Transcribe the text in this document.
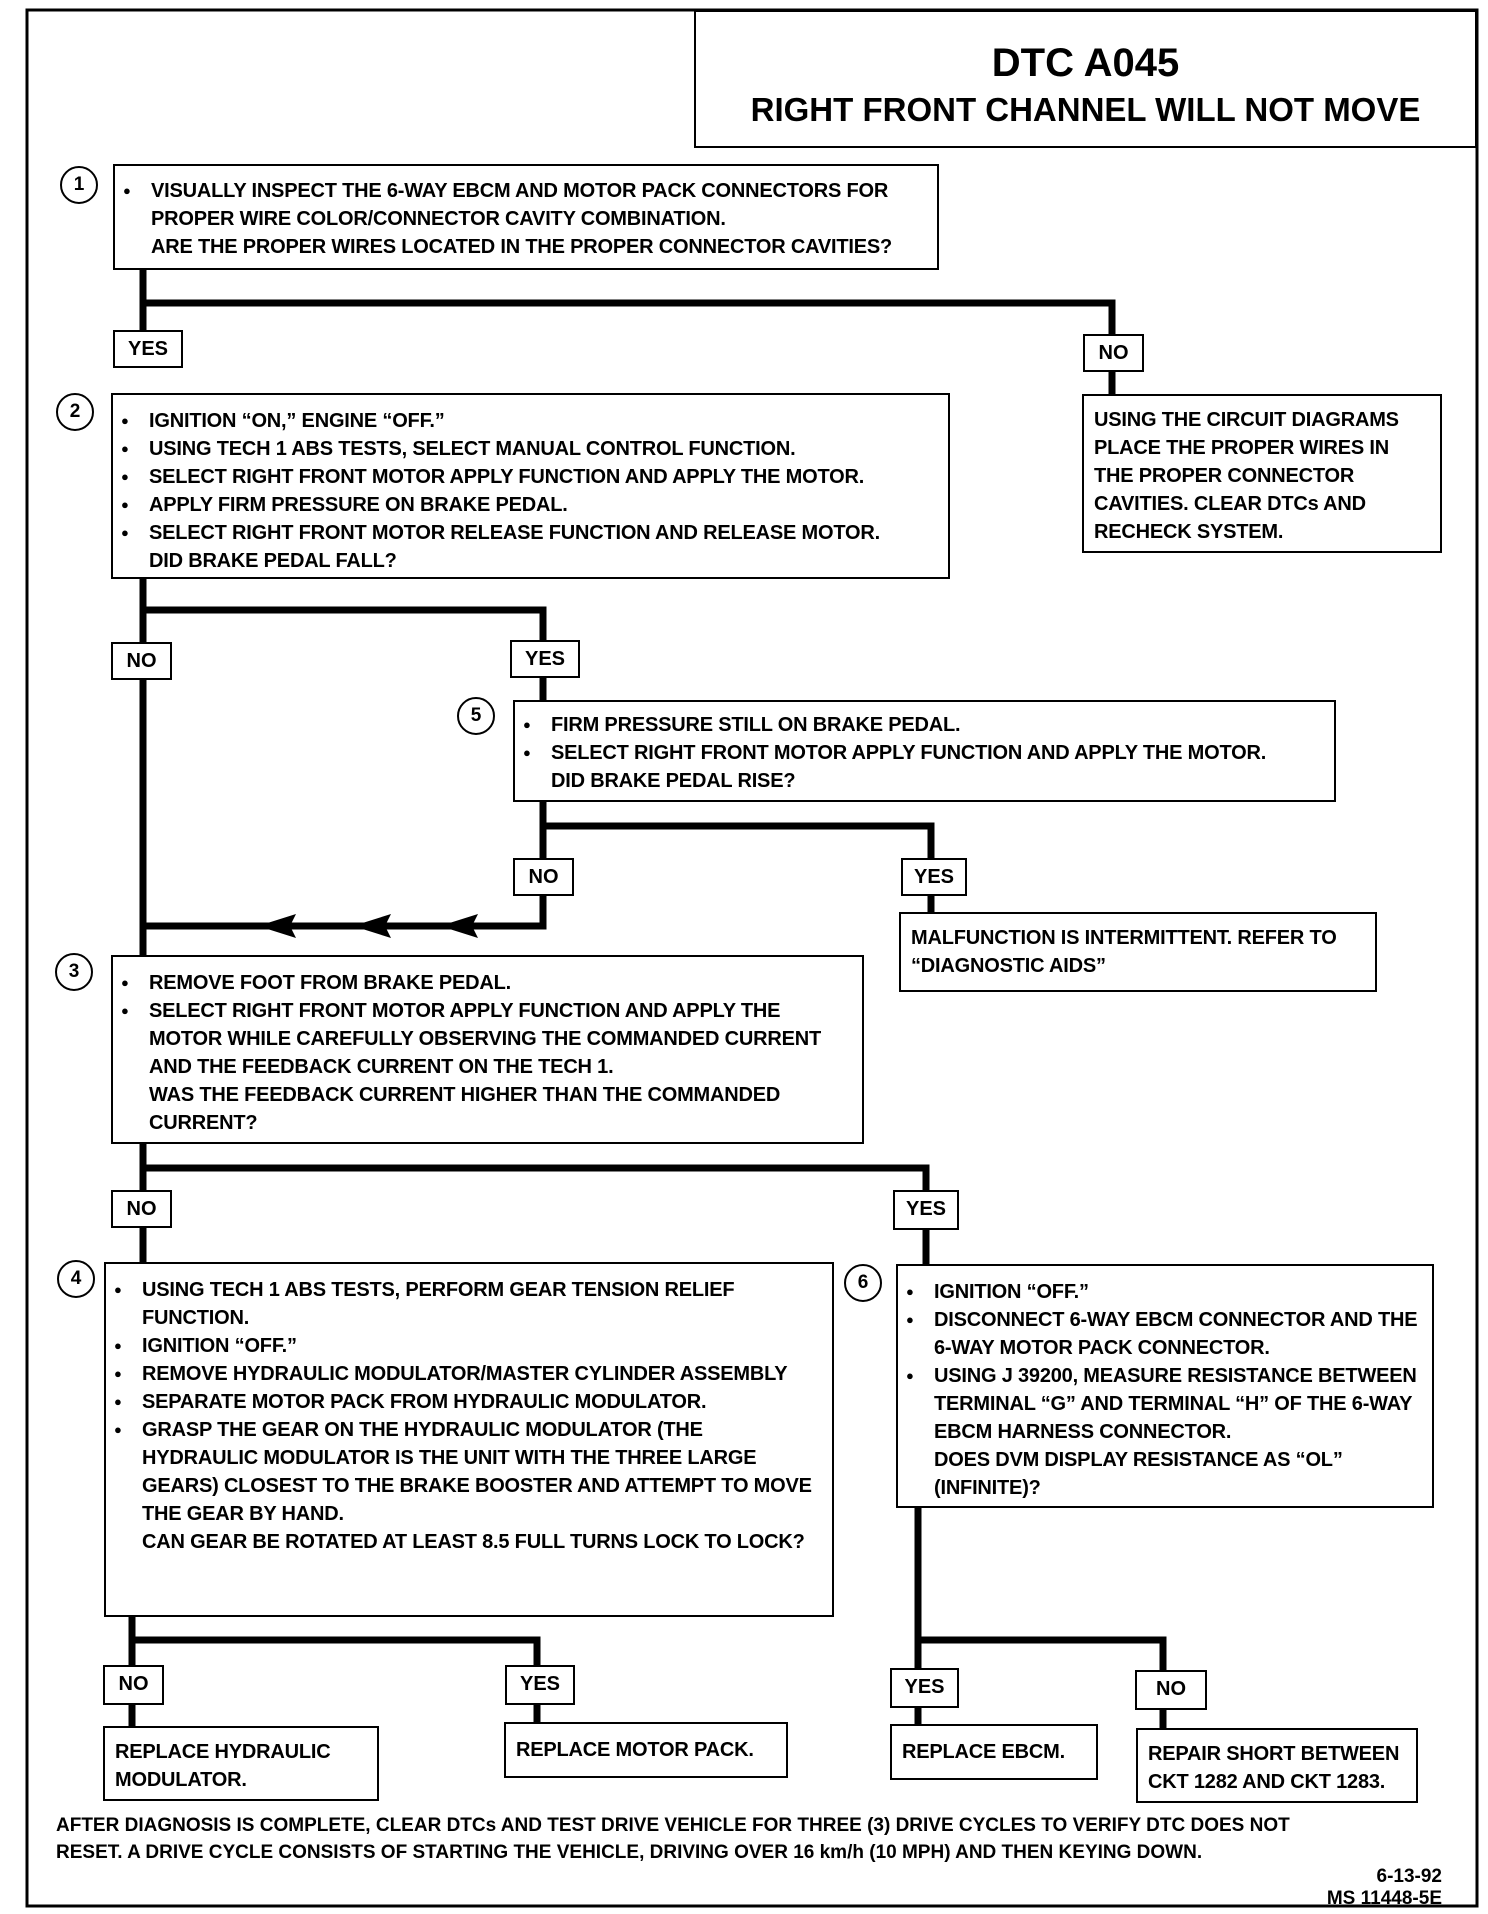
DTC A045
RIGHT FRONT CHANNEL WILL NOT MOVE
1	● VISUALLY INSPECT THE 6-WAY EBCM AND MOTOR PACK CONNECTORS FOR PROPER WIRE COLOR/CONNECTOR CAVITY COMBINATION.
ARE THE PROPER WIRES LOCATED IN THE PROPER CONNECTOR CAVITIES?
YES	NO
USING THE CIRCUIT DIAGRAMS PLACE THE PROPER WIRES IN THE PROPER CONNECTOR CAVITIES. CLEAR DTCs AND RECHECK SYSTEM.
2	● IGNITION “ON,” ENGINE “OFF.”
● USING TECH 1 ABS TESTS, SELECT MANUAL CONTROL FUNCTION.
● SELECT RIGHT FRONT MOTOR APPLY FUNCTION AND APPLY THE MOTOR.
● APPLY FIRM PRESSURE ON BRAKE PEDAL.
● SELECT RIGHT FRONT MOTOR RELEASE FUNCTION AND RELEASE MOTOR.
DID BRAKE PEDAL FALL?
NO	YES
5	● FIRM PRESSURE STILL ON BRAKE PEDAL.
● SELECT RIGHT FRONT MOTOR APPLY FUNCTION AND APPLY THE MOTOR.
DID BRAKE PEDAL RISE?
NO	YES
MALFUNCTION IS INTERMITTENT. REFER TO “DIAGNOSTIC AIDS”
3
● REMOVE FOOT FROM BRAKE PEDAL.
● SELECT RIGHT FRONT MOTOR APPLY FUNCTION AND APPLY THE MOTOR WHILE CAREFULLY OBSERVING THE COMMANDED CURRENT AND THE FEEDBACK CURRENT ON THE TECH 1.
WAS THE FEEDBACK CURRENT HIGHER THAN THE COMMANDED CURRENT?
NO	YES
4
● USING TECH 1 ABS TESTS, PERFORM GEAR TENSION RELIEF FUNCTION.
● IGNITION “OFF.”
● REMOVE HYDRAULIC MODULATOR/MASTER CYLINDER ASSEMBLY
● SEPARATE MOTOR PACK FROM HYDRAULIC MODULATOR.
● GRASP THE GEAR ON THE HYDRAULIC MODULATOR (THE HYDRAULIC MODULATOR IS THE UNIT WITH THE THREE LARGE GEARS) CLOSEST TO THE BRAKE BOOSTER AND ATTEMPT TO MOVE THE GEAR BY HAND.
CAN GEAR BE ROTATED AT LEAST 8.5 FULL TURNS LOCK TO LOCK?
6	● IGNITION “OFF.”
● DISCONNECT 6-WAY EBCM CONNECTOR AND THE 6-WAY MOTOR PACK CONNECTOR.
● USING J 39200, MEASURE RESISTANCE BETWEEN TERMINAL “G” AND TERMINAL “H” OF THE 6-WAY EBCM HARNESS CONNECTOR.
DOES DVM DISPLAY RESISTANCE AS “OL” (INFINITE)?
NO	YES	YES	NO
REPLACE HYDRAULIC MODULATOR.
REPLACE MOTOR PACK.	REPLACE EBCM.	REPAIR SHORT BETWEEN CKT 1282 AND CKT 1283.
AFTER DIAGNOSIS IS COMPLETE, CLEAR DTCs AND TEST DRIVE VEHICLE FOR THREE (3) DRIVE CYCLES TO VERIFY DTC DOES NOT RESET. A DRIVE CYCLE CONSISTS OF STARTING THE VEHICLE, DRIVING OVER 16 km/h (10 MPH) AND THEN KEYING DOWN.
6-13-92
MS 11448-5E
